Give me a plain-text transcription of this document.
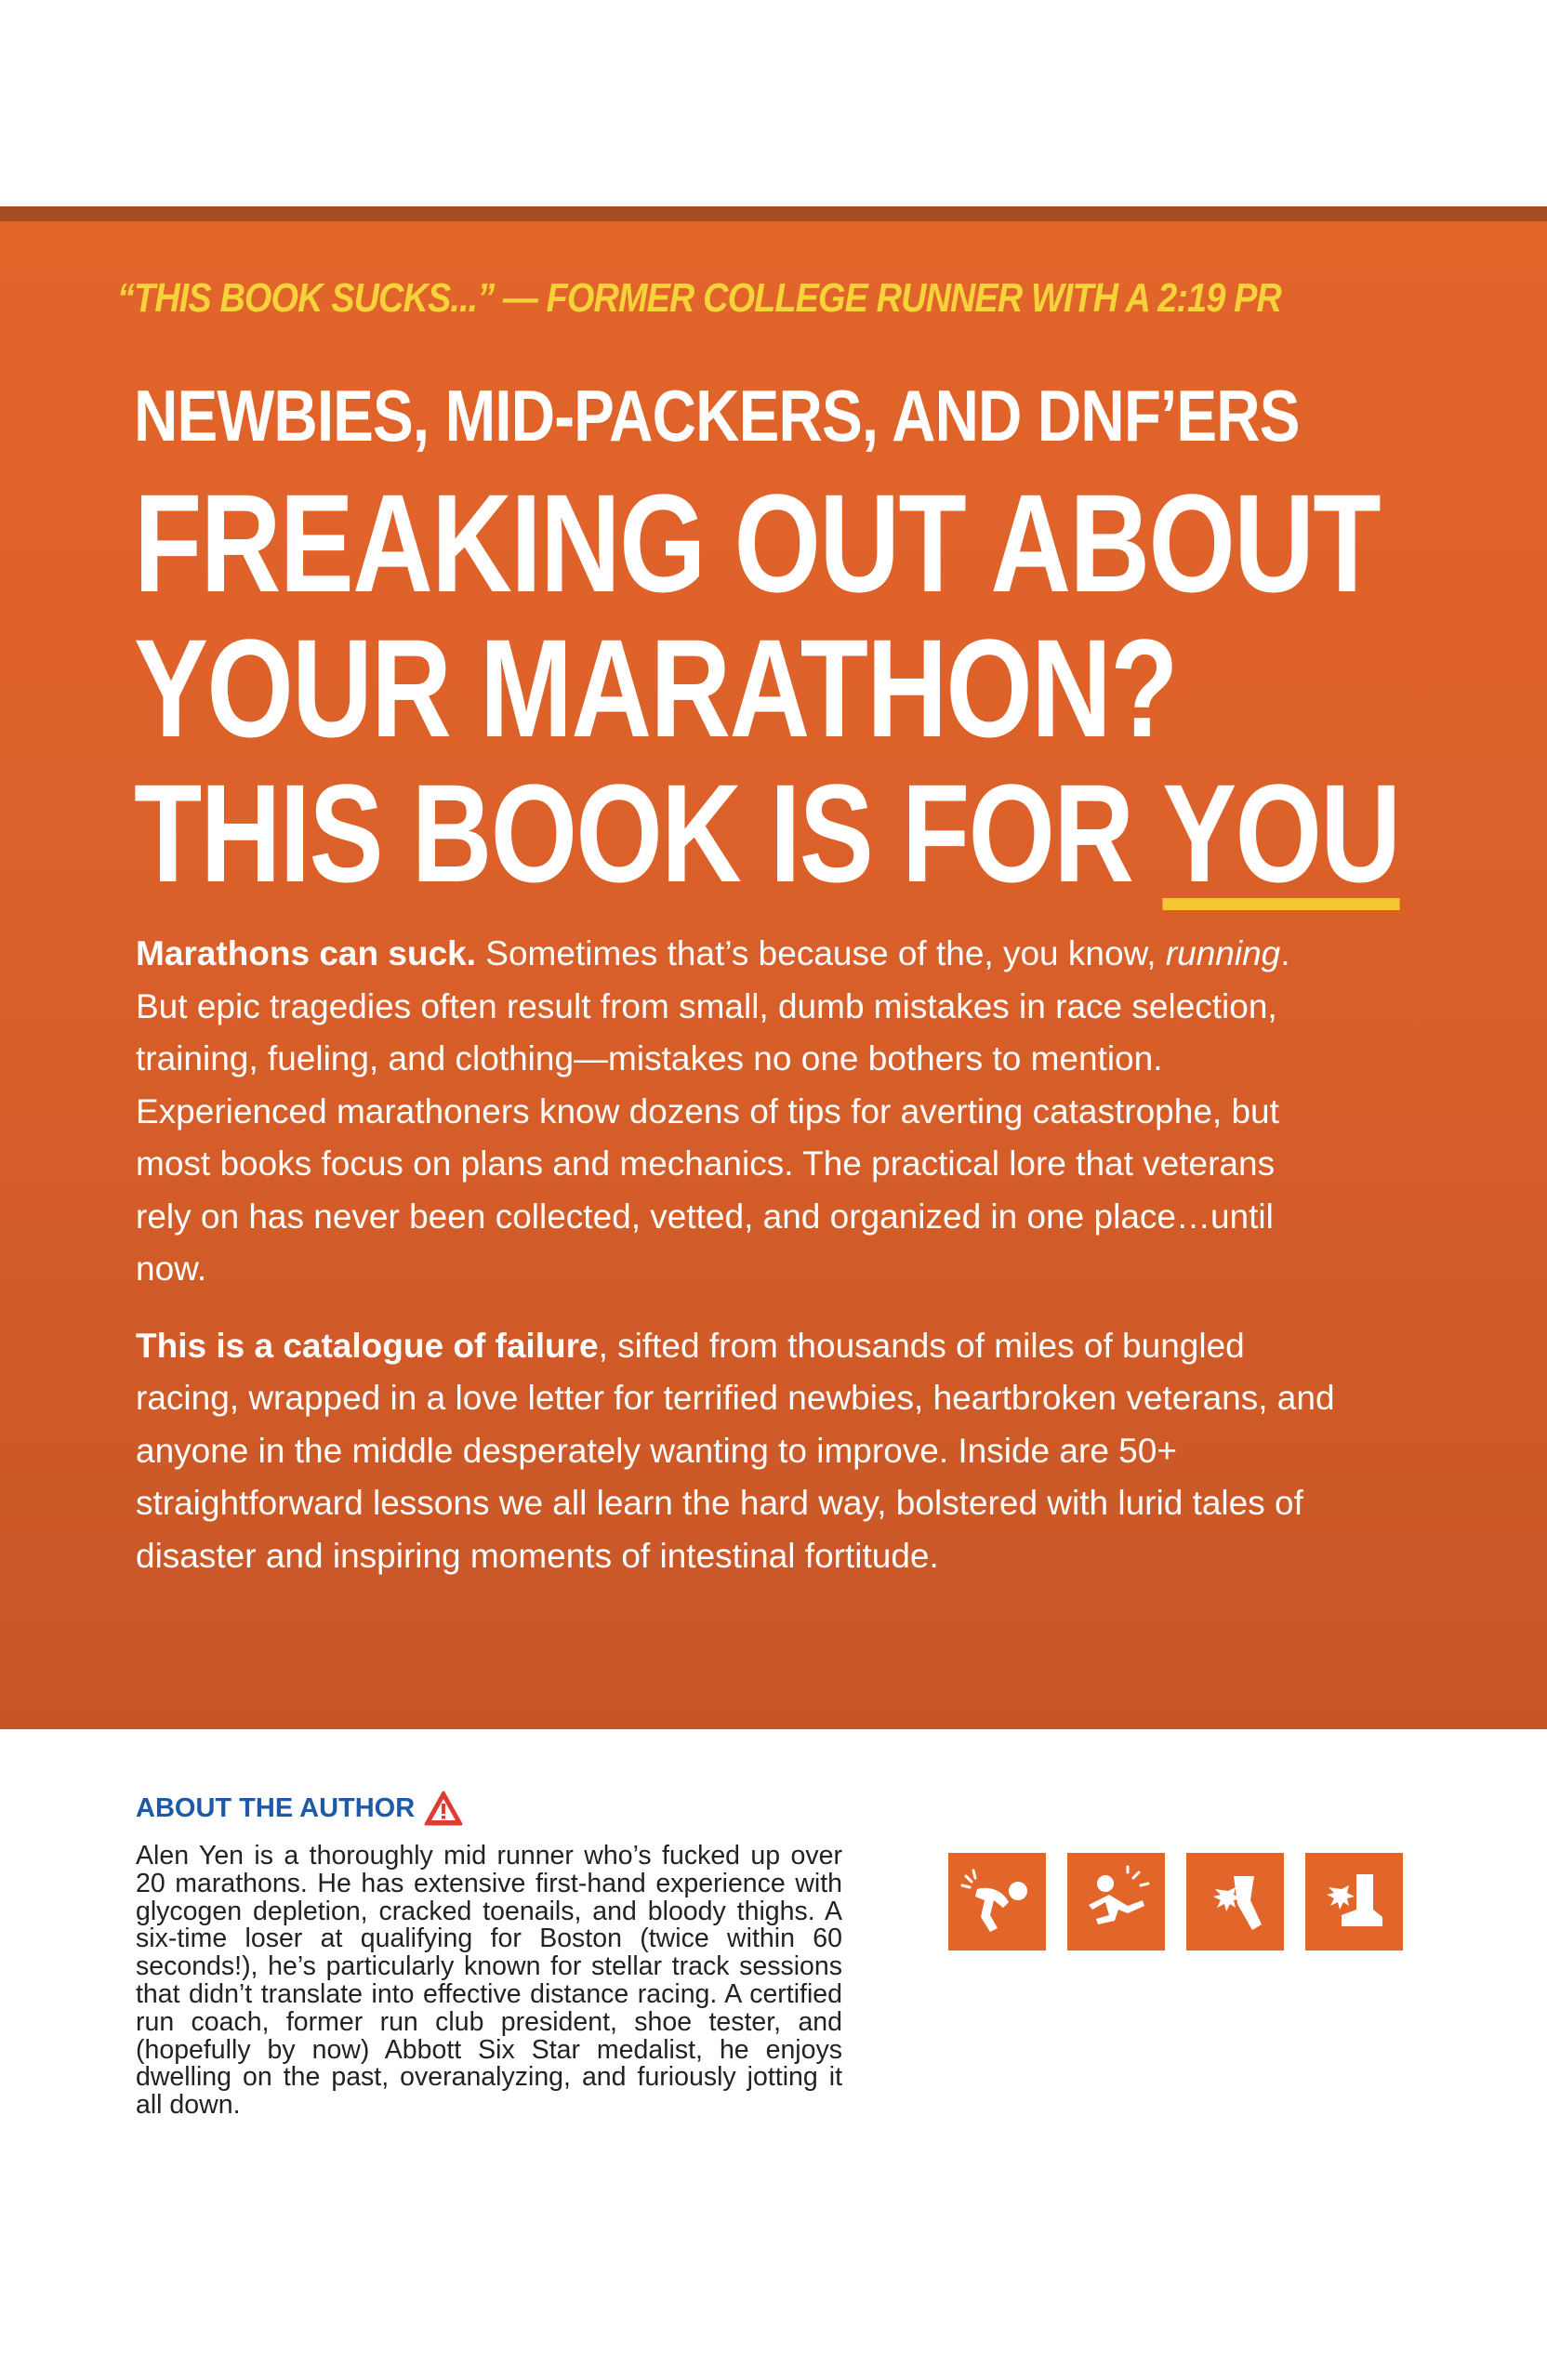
“THIS BOOK SUCKS...” — FORMER COLLEGE RUNNER WITH A 2:19 PR
NEWBIES, MID-PACKERS, AND DNF’ERS
FREAKING OUT ABOUT
YOUR MARATHON?
THIS BOOK IS FOR YOU

Marathons can suck. Sometimes that’s because of the, you know, running. But epic tragedies often result from small, dumb mistakes in race selection, training, fueling, and clothing—mistakes no one bothers to mention. Experienced marathoners know dozens of tips for averting catastrophe, but most books focus on plans and mechanics. The practical lore that veterans rely on has never been collected, vetted, and organized in one place…until now.

This is a catalogue of failure, sifted from thousands of miles of bungled racing, wrapped in a love letter for terrified newbies, heartbroken veterans, and anyone in the middle desperately wanting to improve. Inside are 50+ straightforward lessons we all learn the hard way, bolstered with lurid tales of disaster and inspiring moments of intestinal fortitude.

ABOUT THE AUTHOR
Alen Yen is a thoroughly mid runner who’s fucked up over 20 marathons. He has extensive first-hand experience with glycogen depletion, cracked toenails, and bloody thighs. A six-time loser at qualifying for Boston (twice within 60 seconds!), he’s particularly known for stellar track sessions that didn’t translate into effective distance racing. A certified run coach, former run club president, shoe tester, and (hopefully by now) Abbott Six Star medalist, he enjoys dwelling on the past, overanalyzing, and furiously jotting it all down.
